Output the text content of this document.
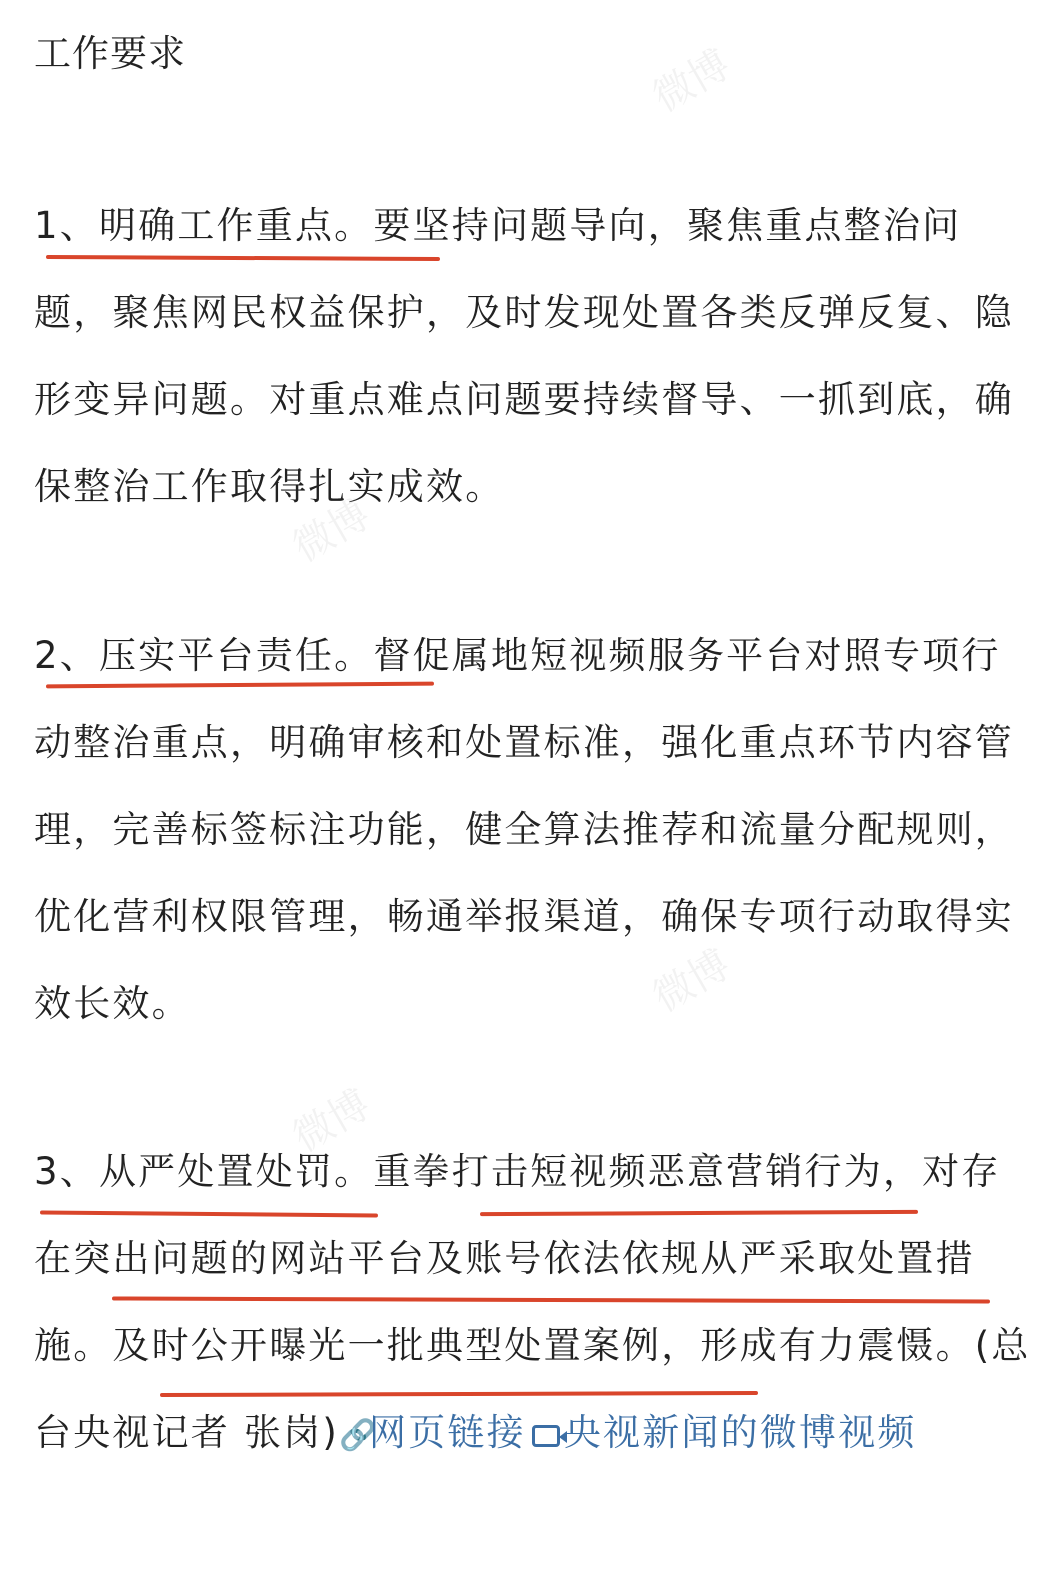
微博
微博
微博
微博
工作要求
1、明确工作重点。要坚持问题导向，聚焦重点整治问题，聚焦网民权益保护，及时发现处置各类反弹反复、隐形变异问题。对重点难点问题要持续督导、一抓到底，确保整治工作取得扎实成效。
2、压实平台责任。督促属地短视频服务平台对照专项行动整治重点，明确审核和处置标准，强化重点环节内容管理，完善标签标注功能，健全算法推荐和流量分配规则，优化营利权限管理，畅通举报渠道，确保专项行动取得实效长效。
3、从严处置处罚。重拳打击短视频恶意营销行为，对存在突出问题的网站平台及账号依法依规从严采取处置措施。及时公开曝光一批典型处置案例，形成有力震慑。(总台央视记者 张岗)🔗网页链接 央视新闻的微博视频
